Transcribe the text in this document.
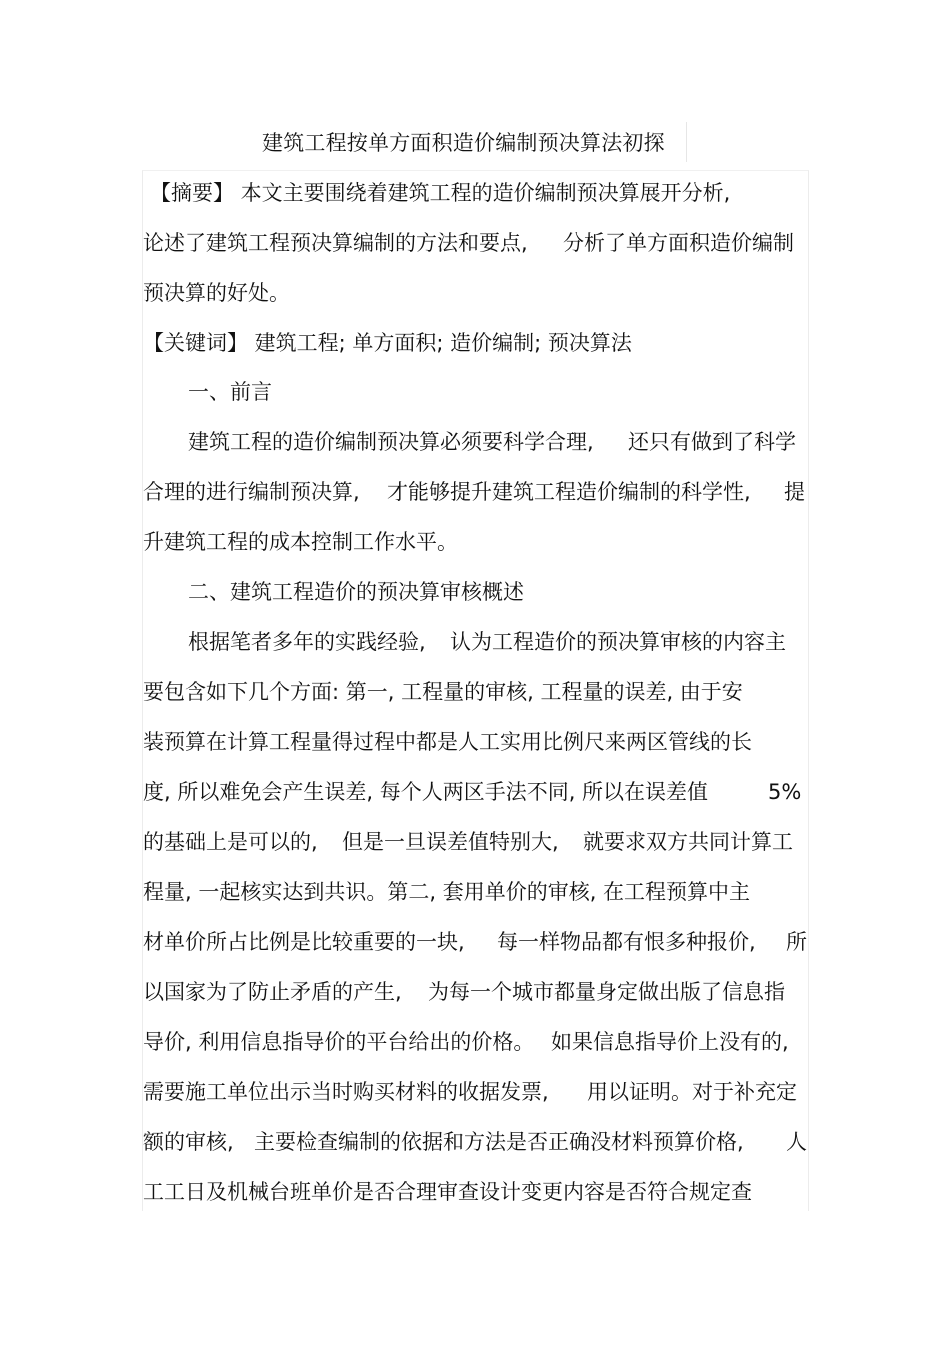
建筑工程按单方面积造价编制预决算法初探
【摘要】 本文主要围绕着建筑工程的造价编制预决算展开分析,
论述了建筑工程预决算编制的方法和要点, 分析了单方面积造价编制
预决算的好处。
【关键词】 建筑工程; 单方面积; 造价编制; 预决算法
一、前言
建筑工程的造价编制预决算必须要科学合理, 还只有做到了科学
合理的进行编制预决算, 才能够提升建筑工程造价编制的科学性, 提
升建筑工程的成本控制工作水平。
二、建筑工程造价的预决算审核概述
根据笔者多年的实践经验, 认为工程造价的预决算审核的内容主
要包含如下几个方面: 第一, 工程量的审核, 工程量的误差, 由于安
装预算在计算工程量得过程中都是人工实用比例尺来两区管线的长
度, 所以难免会产生误差, 每个人两区手法不同, 所以在误差值	5%
的基础上是可以的, 但是一旦误差值特别大, 就要求双方共同计算工
程量, 一起核实达到共识。第二, 套用单价的审核, 在工程预算中主
材单价所占比例是比较重要的一块, 每一样物品都有恨多种报价, 所
以国家为了防止矛盾的产生, 为每一个城市都量身定做出版了信息指
导价, 利用信息指导价的平台给出的价格。 如果信息指导价上没有的,
需要施工单位出示当时购买材料的收据发票, 用以证明。对于补充定
额的审核, 主要检查编制的依据和方法是否正确没材料预算价格, 人
工工日及机械台班单价是否合理审查设计变更内容是否符合规定查
